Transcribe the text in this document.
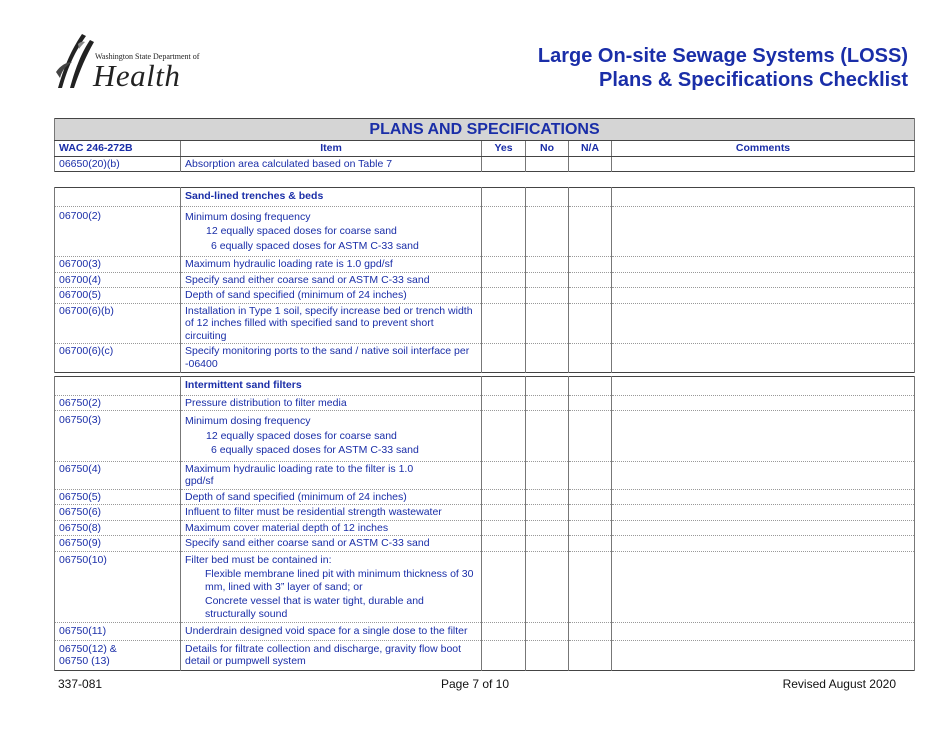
Washington State Department of
Health
Large On-site Sewage Systems (LOSS)
Plans & Specifications Checklist
PLANS AND SPECIFICATIONS					
WAC 246-272B	Item	Yes	No	N/A	Comments
06650(20)(b)	Absorption area calculated based on Table 7				
	Sand-lined trenches & beds				
06700(2)	Minimum dosing frequency
12 equally spaced doses for coarse sand
6 equally spaced doses for ASTM C-33 sand				

06700(3)	Maximum hydraulic loading rate is 1.0 gpd/sf				
06700(4)	Specify sand either coarse sand or ASTM C-33 sand				
06700(5)	Depth of sand specified (minimum of 24 inches)				
06700(6)(b)	Installation in Type 1 soil, specify increase bed or trench width of 12 inches filled with specified sand to prevent short circuiting				
06700(6)(c)	Specify monitoring ports to the sand / native soil interface per -06400				
	Intermittent sand filters				
06750(2)	Pressure distribution to filter media				
06750(3)	Minimum dosing frequency
12 equally spaced doses for coarse sand
6 equally spaced doses for ASTM C-33 sand				

06750(4)	Maximum hydraulic loading rate to the filter is 1.0 gpd/sf				
06750(5)	Depth of sand specified (minimum of 24 inches)				
06750(6)	Influent to filter must be residential strength wastewater				
06750(8)	Maximum cover material depth of 12 inches				
06750(9)	Specify sand either coarse sand or ASTM C-33 sand				
06750(10)	Filter bed must be contained in:
Flexible membrane lined pit with minimum thickness of 30 mm, lined with 3” layer of sand; or
Concrete vessel that is water tight, durable and structurally sound				

06750(11)	Underdrain designed void space for a single dose to the filter				
06750(12) & 06750 (13)	Details for filtrate collection and discharge, gravity flow boot detail or pumpwell system				
337-081	Page 7 of 10	Revised August 2020
